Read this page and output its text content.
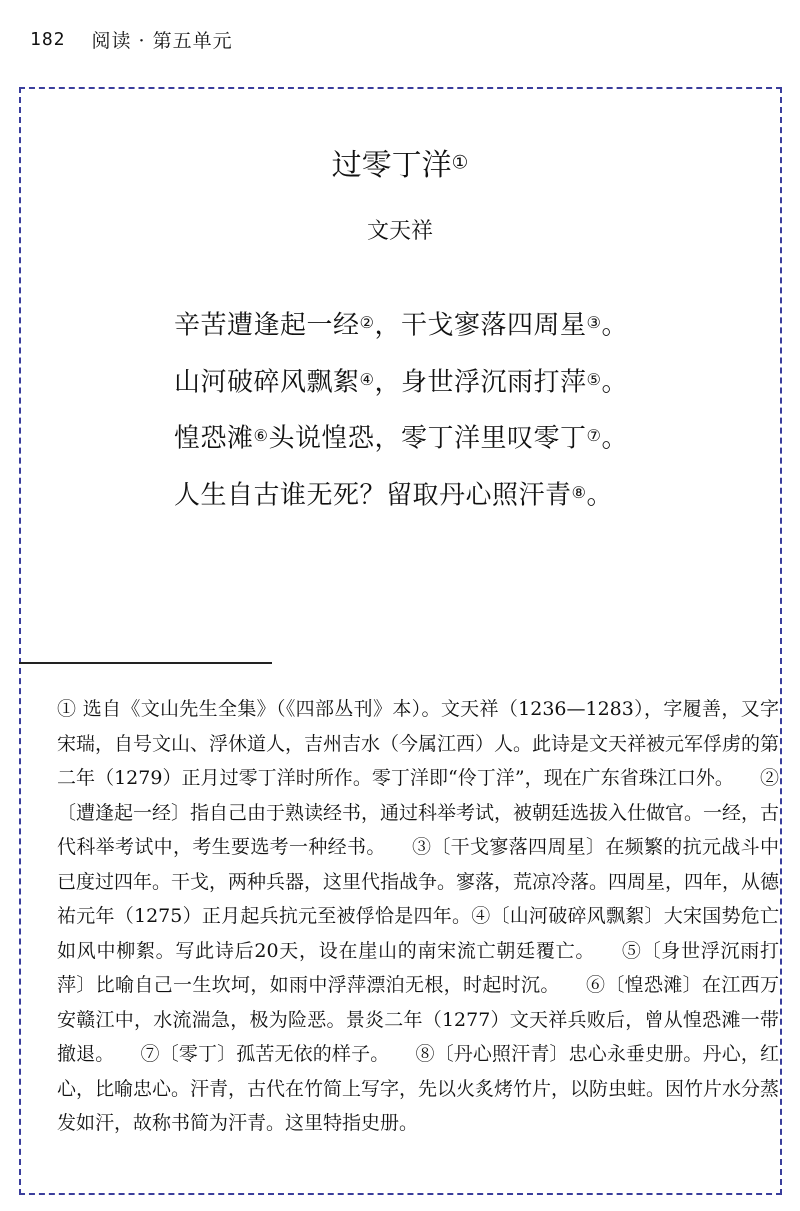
182 阅读 · 第五单元
过零丁洋①
文天祥
辛苦遭逢起一经②，干戈寥落四周星③。
山河破碎风飘絮④，身世浮沉雨打萍⑤。
惶恐滩⑥头说惶恐，零丁洋里叹零丁⑦。
人生自古谁无死？留取丹心照汗青⑧。
① 选自《文山先生全集》（《四部丛刊》本）。文天祥（1236—1283），字履善，又字宋瑞，自号文山、浮休道人，吉州吉水（今属江西）人。此诗是文天祥被元军俘虏的第二年（1279）正月过零丁洋时所作。零丁洋即“伶丁洋”，现在广东省珠江口外。 ②〔遭逢起一经〕指自己由于熟读经书，通过科举考试，被朝廷选拔入仕做官。一经，古代科举考试中，考生要选考一种经书。 ③〔干戈寥落四周星〕在频繁的抗元战斗中已度过四年。干戈，两种兵器，这里代指战争。寥落，荒凉冷落。四周星，四年，从德祐元年（1275）正月起兵抗元至被俘恰是四年。④〔山河破碎风飘絮〕大宋国势危亡如风中柳絮。写此诗后20天，设在崖山的南宋流亡朝廷覆亡。 ⑤〔身世浮沉雨打萍〕比喻自己一生坎坷，如雨中浮萍漂泊无根，时起时沉。 ⑥〔惶恐滩〕在江西万安赣江中，水流湍急，极为险恶。景炎二年（1277）文天祥兵败后，曾从惶恐滩一带撤退。 ⑦〔零丁〕孤苦无依的样子。 ⑧〔丹心照汗青〕忠心永垂史册。丹心，红心，比喻忠心。汗青，古代在竹简上写字，先以火炙烤竹片，以防虫蛀。因竹片水分蒸发如汗，故称书简为汗青。这里特指史册。
